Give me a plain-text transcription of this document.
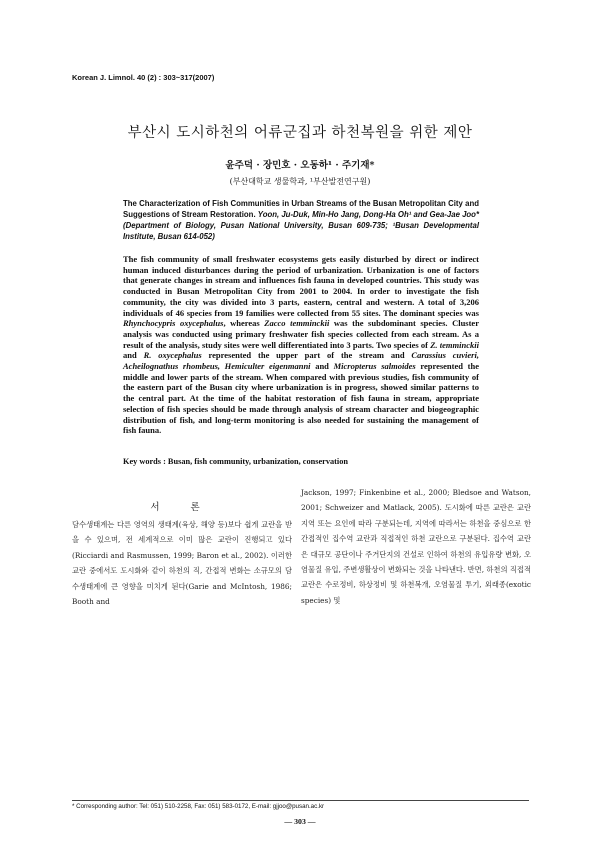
Korean J. Limnol. 40 (2) : 303~317(2007)
부산시 도시하천의 어류군집과 하천복원을 위한 제안
윤주덕 · 장민호 · 오동하¹ · 주기재*
(부산대학교 생물학과, ¹부산발전연구원)
The Characterization of Fish Communities in Urban Streams of the Busan Metropolitan City and Suggestions of Stream Restoration. Yoon, Ju-Duk, Min-Ho Jang, Dong-Ha Oh¹ and Gea-Jae Joo* (Department of Biology, Pusan National University, Busan 609-735; ¹Busan Developmental Institute, Busan 614-052)

The fish community of small freshwater ecosystems gets easily disturbed by direct or indirect human induced disturbances during the period of urbanization. Urbanization is one of factors that generate changes in stream and influences fish fauna in developed countries. This study was conducted in Busan Metropolitan City from 2001 to 2004. In order to investigate the fish community, the city was divided into 3 parts, eastern, central and western. A total of 3,206 individuals of 46 species from 19 families were collected from 55 sites. The dominant species was Rhynchocypris oxycephalus, whereas Zacco temminckii was the subdominant species. Cluster analysis was conducted using primary freshwater fish species collected from each stream. As a result of the analysis, study sites were well differentiated into 3 parts. Two species of Z. temminckii and R. oxycephalus represented the upper part of the stream and Carassius cuvieri, Acheilognathus rhombeus, Hemiculter eigenmanni and Micropterus salmoides represented the middle and lower parts of the stream. When compared with previous studies, fish community of the eastern part of the Busan city where urbanization is in progress, showed similar patterns to the central part. At the time of the habitat restoration of fish fauna in stream, appropriate selection of fish species should be made through analysis of stream character and biogeographic distribution of fish, and long-term monitoring is also needed for sustaining the management of fish fauna.

Key words : Busan, fish community, urbanization, conservation
서 론

담수생태계는 다른 영역의 생태계(육상, 해양 등)보다 쉽게 교란을 받을 수 있으며, 전 세계적으로 이미 많은 교란이 진행되고 있다(Ricciardi and Rasmussen, 1999; Baron et al., 2002). 이러한 교란 중에서도 도시화와 같이 하천의 직, 간접적 변화는 소규모의 담수생태계에 큰 영향을 미치게 된다(Garie and McIntosh, 1986; Booth and

Jackson, 1997; Finkenbine et al., 2000; Bledsoe and Watson, 2001; Schweizer and Matlack, 2005). 도시화에 따른 교란은 교란지역 또는 요인에 따라 구분되는데, 지역에 따라서는 하천을 중심으로 한 간접적인 집수역 교란과 직접적인 하천 교란으로 구분된다. 집수역 교란은 대규모 공단이나 주거단지의 건설로 인하여 하천의 유입유량 변화, 오염물질 유입, 주변생활상이 변화되는 것을 나타낸다. 반면, 하천의 직접적 교란은 수로정비, 하상정비 및 하천복개, 오염물질 투기, 외래종(exotic species) 및

* Corresponding author: Tel: 051) 510-2258, Fax: 051) 583-0172, E-mail: gjjoo@pusan.ac.kr
— 303 —
